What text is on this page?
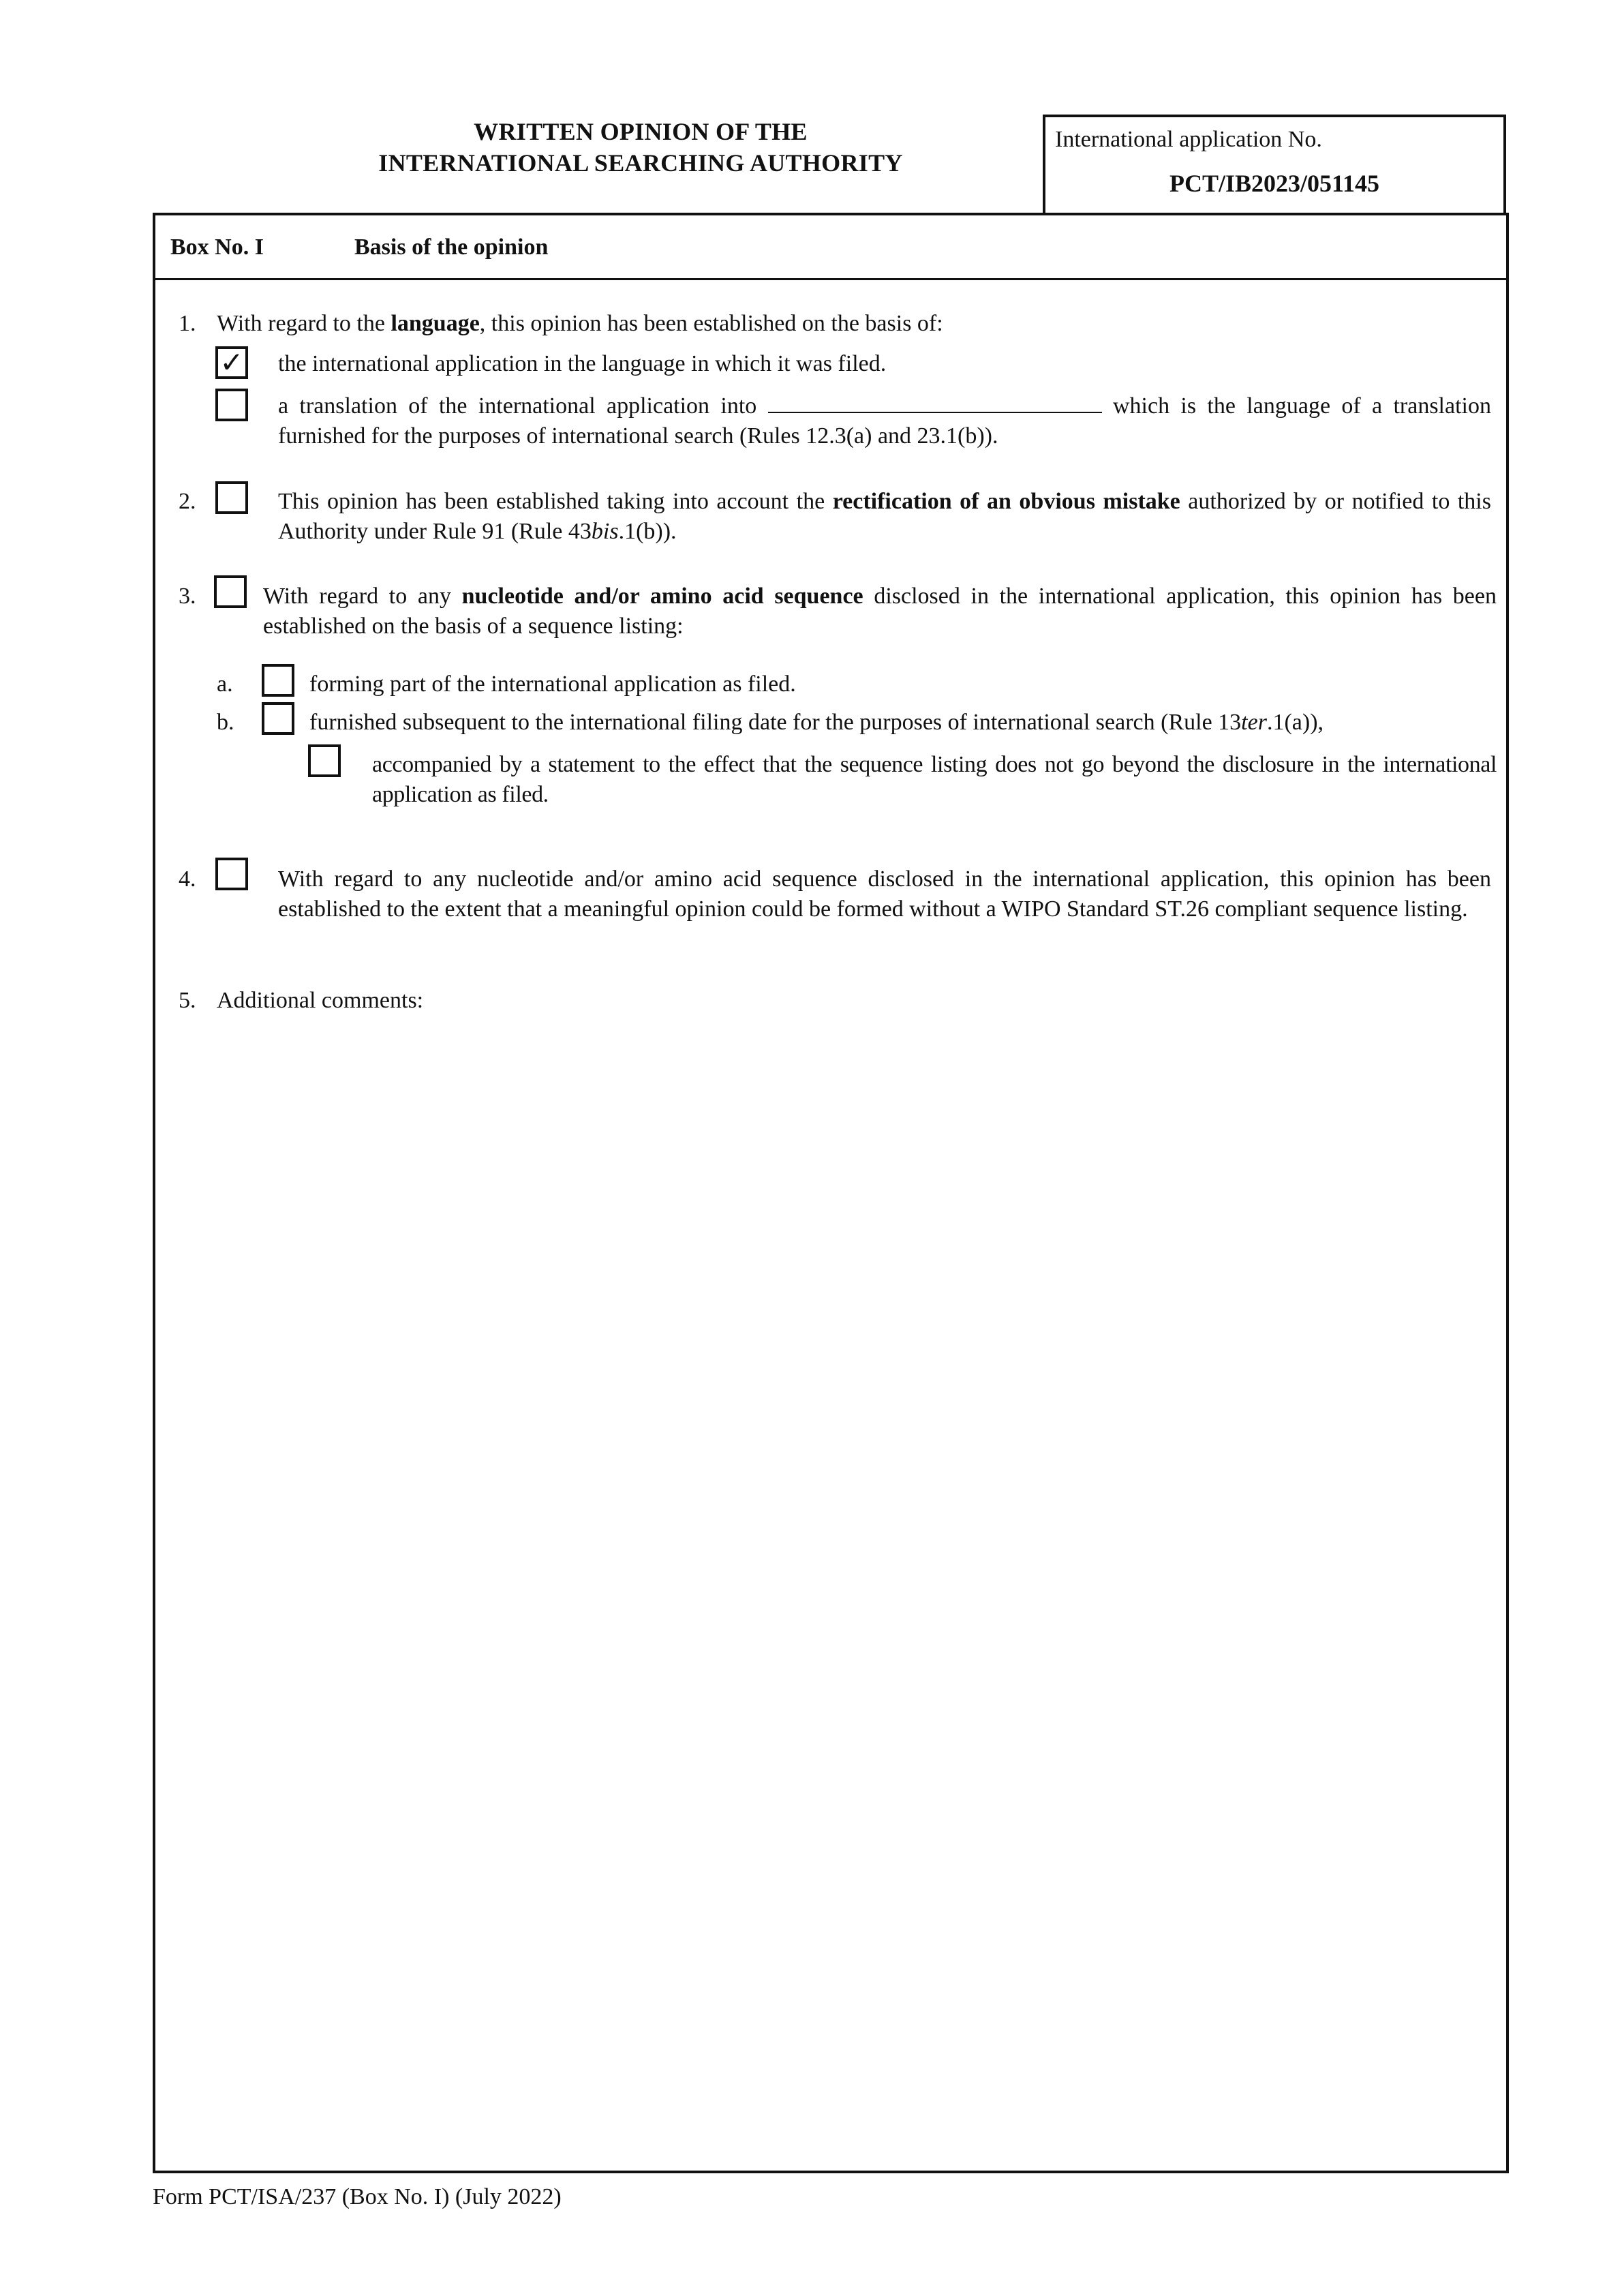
WRITTEN OPINION OF THE
INTERNATIONAL SEARCHING AUTHORITY
International application No.
PCT/IB2023/051145
Box No. I	Basis of the opinion
1. With regard to the language, this opinion has been established on the basis of:
✓ the international application in the language in which it was filed.
a translation of the international application into	which is the language of a translation furnished for the purposes of international search (Rules 12.3(a) and 23.1(b)).
2.	This opinion has been established taking into account the rectification of an obvious mistake authorized by or notified to this Authority under Rule 91 (Rule 43bis.1(b)).
3.	With regard to any nucleotide and/or amino acid sequence disclosed in the international application, this opinion has been established on the basis of a sequence listing:
a.	forming part of the international application as filed.
b.	furnished subsequent to the international filing date for the purposes of international search (Rule 13ter.1(a)),
accompanied by a statement to the effect that the sequence listing does not go beyond the disclosure in the international application as filed.
4.	With regard to any nucleotide and/or amino acid sequence disclosed in the international application, this opinion has been established to the extent that a meaningful opinion could be formed without a WIPO Standard ST.26 compliant sequence listing.
5. Additional comments:
Form PCT/ISA/237 (Box No. I) (July 2022)
